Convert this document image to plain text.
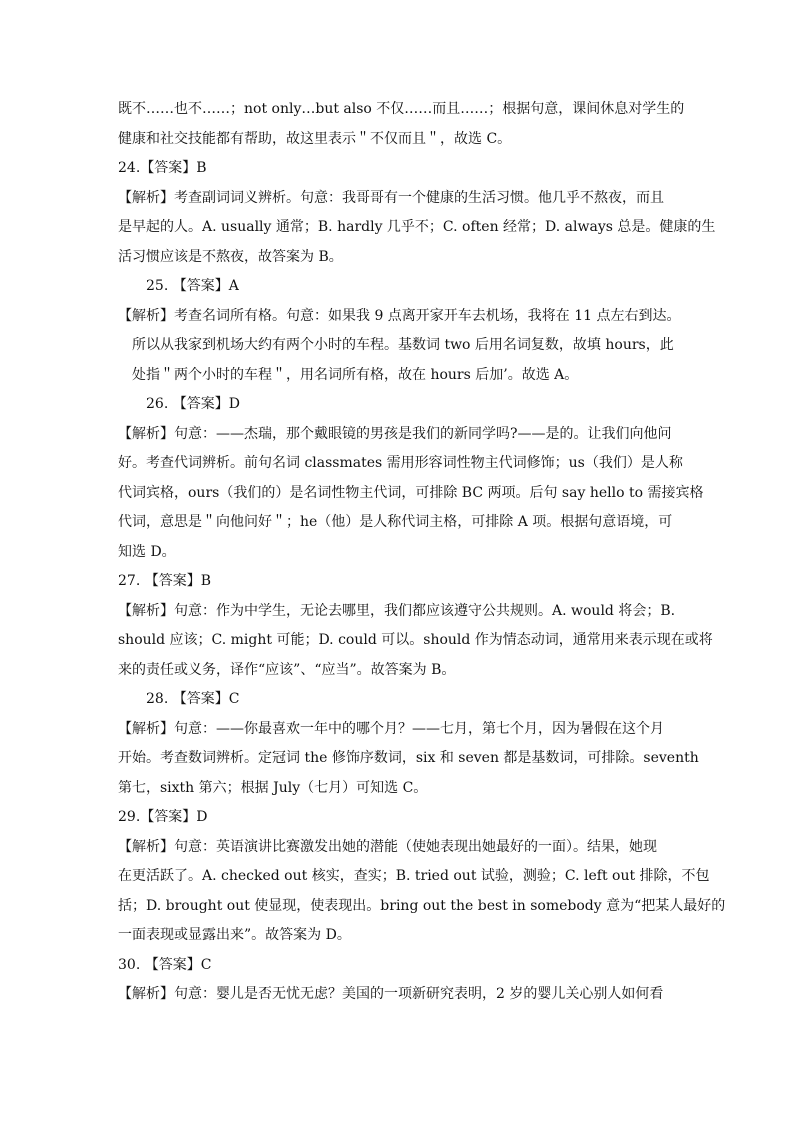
既不……也不……；not only…but also 不仅……而且……；根据句意，课间休息对学生的
健康和社交技能都有帮助，故这里表示＂不仅而且＂，故选 C。
24.【答案】B
【解析】考查副词词义辨析。句意：我哥哥有一个健康的生活习惯。他几乎不熬夜，而且
是早起的人。A. usually 通常；B. hardly 几乎不；C. often 经常；D. always 总是。健康的生
活习惯应该是不熬夜，故答案为 B。
25. 【答案】A
【解析】考查名词所有格。句意：如果我 9 点离开家开车去机场，我将在 11 点左右到达。
所以从我家到机场大约有两个小时的车程。基数词 two 后用名词复数，故填 hours，此
处指＂两个小时的车程＂，用名词所有格，故在 hours 后加’。故选 A。
26. 【答案】D
【解析】句意：——杰瑞，那个戴眼镜的男孩是我们的新同学吗?——是的。让我们向他问
好。考查代词辨析。前句名词 classmates 需用形容词性物主代词修饰；us（我们）是人称
代词宾格，ours（我们的）是名词性物主代词，可排除 BC 两项。后句 say hello to 需接宾格
代词，意思是＂向他问好＂；he（他）是人称代词主格，可排除 A 项。根据句意语境，可
知选 D。
27. 【答案】B
【解析】句意：作为中学生，无论去哪里，我们都应该遵守公共规则。A. would 将会；B.
should 应该；C. might 可能；D. could 可以。should 作为情态动词，通常用来表示现在或将
来的责任或义务，译作“应该”、“应当”。故答案为 B。
28. 【答案】C
【解析】句意：——你最喜欢一年中的哪个月？——七月，第七个月，因为暑假在这个月
开始。考查数词辨析。定冠词 the 修饰序数词，six 和 seven 都是基数词，可排除。seventh
第七，sixth 第六；根据 July（七月）可知选 C。
29.【答案】D
【解析】句意：英语演讲比赛激发出她的潜能（使她表现出她最好的一面）。结果，她现
在更活跃了。A. checked out 核实，查实；B. tried out 试验，测验；C. left out 排除，不包
括；D. brought out 使显现，使表现出。bring out the best in somebody 意为“把某人最好的
一面表现或显露出来”。故答案为 D。
30. 【答案】C
【解析】句意：婴儿是否无忧无虑？美国的一项新研究表明，2 岁的婴儿关心别人如何看
